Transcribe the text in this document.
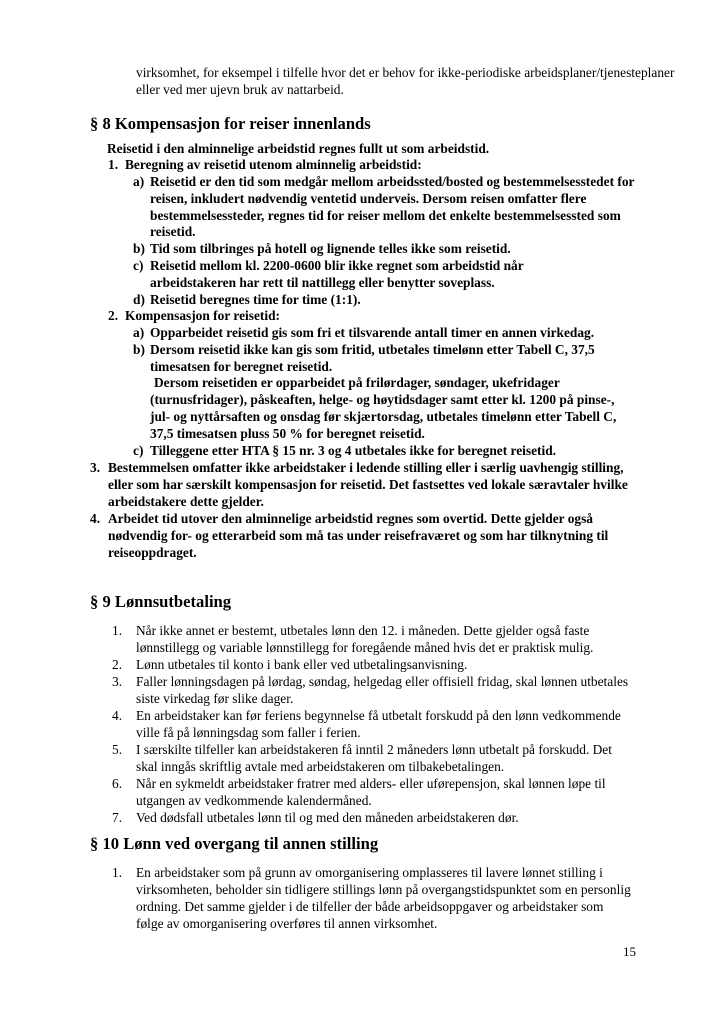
virksomhet, for eksempel i tilfelle hvor det er behov for ikke-periodiske arbeidsplaner/tjenesteplaner eller ved mer ujevn bruk av nattarbeid.
§ 8 Kompensasjon for reiser innenlands
Reisetid i den alminnelige arbeidstid regnes fullt ut som arbeidstid.
1. Beregning av reisetid utenom alminnelig arbeidstid:
a) Reisetid er den tid som medgår mellom arbeidssted/bosted og bestemmelsesstedet for reisen, inkludert nødvendig ventetid underveis. Dersom reisen omfatter flere bestemmelsessteder, regnes tid for reiser mellom det enkelte bestemmelsessted som reisetid.
b) Tid som tilbringes på hotell og lignende telles ikke som reisetid.
c) Reisetid mellom kl. 2200-0600 blir ikke regnet som arbeidstid når arbeidstakeren har rett til nattillegg eller benytter soveplass.
d) Reisetid beregnes time for time (1:1).
2. Kompensasjon for reisetid:
a) Opparbeidet reisetid gis som fri et tilsvarende antall timer en annen virkedag.
b) Dersom reisetid ikke kan gis som fritid, utbetales timelønn etter Tabell C, 37,5 timesatsen for beregnet reisetid.
Dersom reisetiden er opparbeidet på frilørdager, søndager, ukefridager (turnusfridager), påskeaften, helge- og høytidsdager samt etter kl. 1200 på pinse-, jul- og nyttårsaften og onsdag før skjærtorsdag, utbetales timelønn etter Tabell C, 37,5 timesatsen pluss 50 % for beregnet reisetid.
c) Tilleggene etter HTA § 15 nr. 3 og 4 utbetales ikke for beregnet reisetid.
3. Bestemmelsen omfatter ikke arbeidstaker i ledende stilling eller i særlig uavhengig stilling, eller som har særskilt kompensasjon for reisetid. Det fastsettes ved lokale særavtaler hvilke arbeidstakere dette gjelder.
4. Arbeidet tid utover den alminnelige arbeidstid regnes som overtid. Dette gjelder også nødvendig for- og etterarbeid som må tas under reisefraværet og som har tilknytning til reiseoppdraget.
§ 9 Lønnsutbetaling
1. Når ikke annet er bestemt, utbetales lønn den 12. i måneden. Dette gjelder også faste lønnstillegg og variable lønnstillegg for foregående måned hvis det er praktisk mulig.
2. Lønn utbetales til konto i bank eller ved utbetalingsanvisning.
3. Faller lønningsdagen på lørdag, søndag, helgedag eller offisiell fridag, skal lønnen utbetales siste virkedag før slike dager.
4. En arbeidstaker kan før feriens begynnelse få utbetalt forskudd på den lønn vedkommende ville få på lønningsdag som faller i ferien.
5. I særskilte tilfeller kan arbeidstakeren få inntil 2 måneders lønn utbetalt på forskudd. Det skal inngås skriftlig avtale med arbeidstakeren om tilbakebetalingen.
6. Når en sykmeldt arbeidstaker fratrer med alders- eller uførepensjon, skal lønnen løpe til utgangen av vedkommende kalendermåned.
7. Ved dødsfall utbetales lønn til og med den måneden arbeidstakeren dør.
§ 10 Lønn ved overgang til annen stilling
1. En arbeidstaker som på grunn av omorganisering omplasseres til lavere lønnet stilling i virksomheten, beholder sin tidligere stillings lønn på overgangstidspunktet som en personlig ordning. Det samme gjelder i de tilfeller der både arbeidsoppgaver og arbeidstaker som følge av omorganisering overføres til annen virksomhet.
15
